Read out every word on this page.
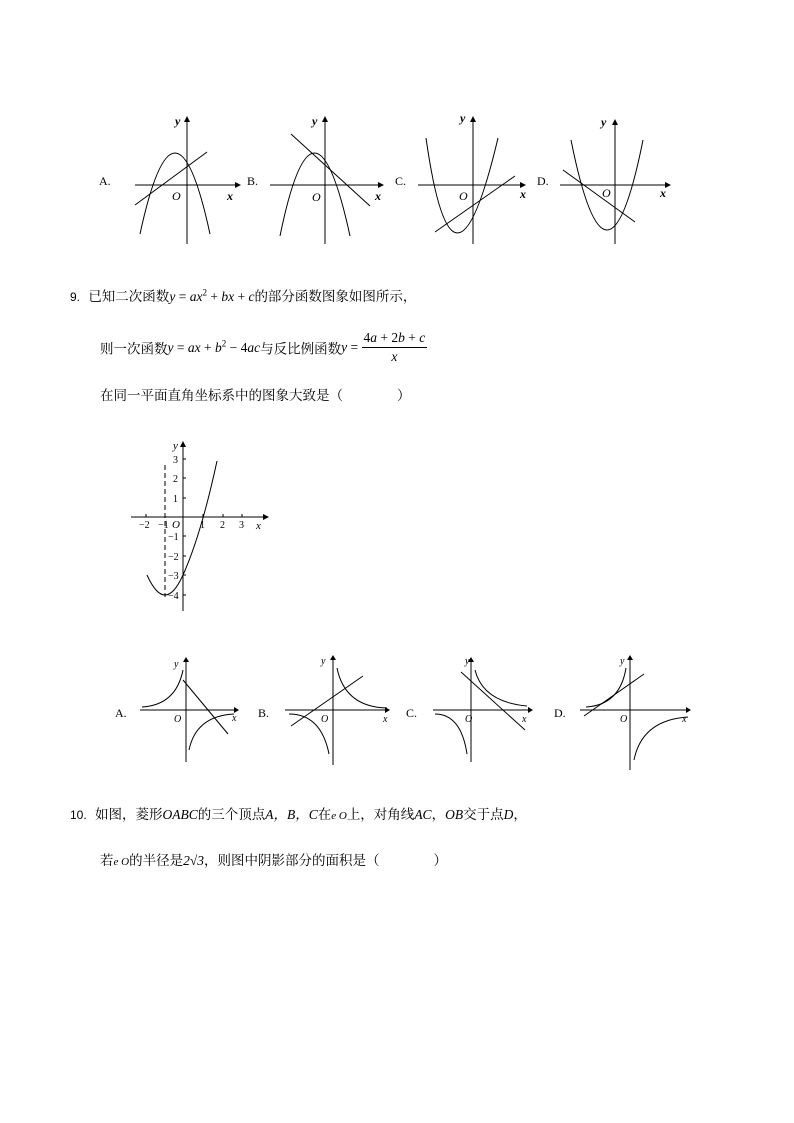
A.
y
x
O
B.
y
x
O
C.
y
x
O
D.
y
x
O
9. 已知二次函数$y = ax^2$ + bx + c的部分函数图象如图所示，
则一次函数y = ax + $b^2 - 4ac$与反比例函数$y = \frac{4a + 2b + c}{x}$
在同一平面直角坐标系中的图象大致是（　　　　）
−2 −1	1 2 3
3
2
1
−1
−2
−3
−4
y
x
O
A.
y
x
O	B.
y
x
O	C.
y
x
O	D.
y
x
O
10. 如图，菱形OABC的三个顶点A，B，C在e O上，对角线AC，OB交于点D，
若e O的半径是2√3，则图中阴影部分的面积是（　　　　）
